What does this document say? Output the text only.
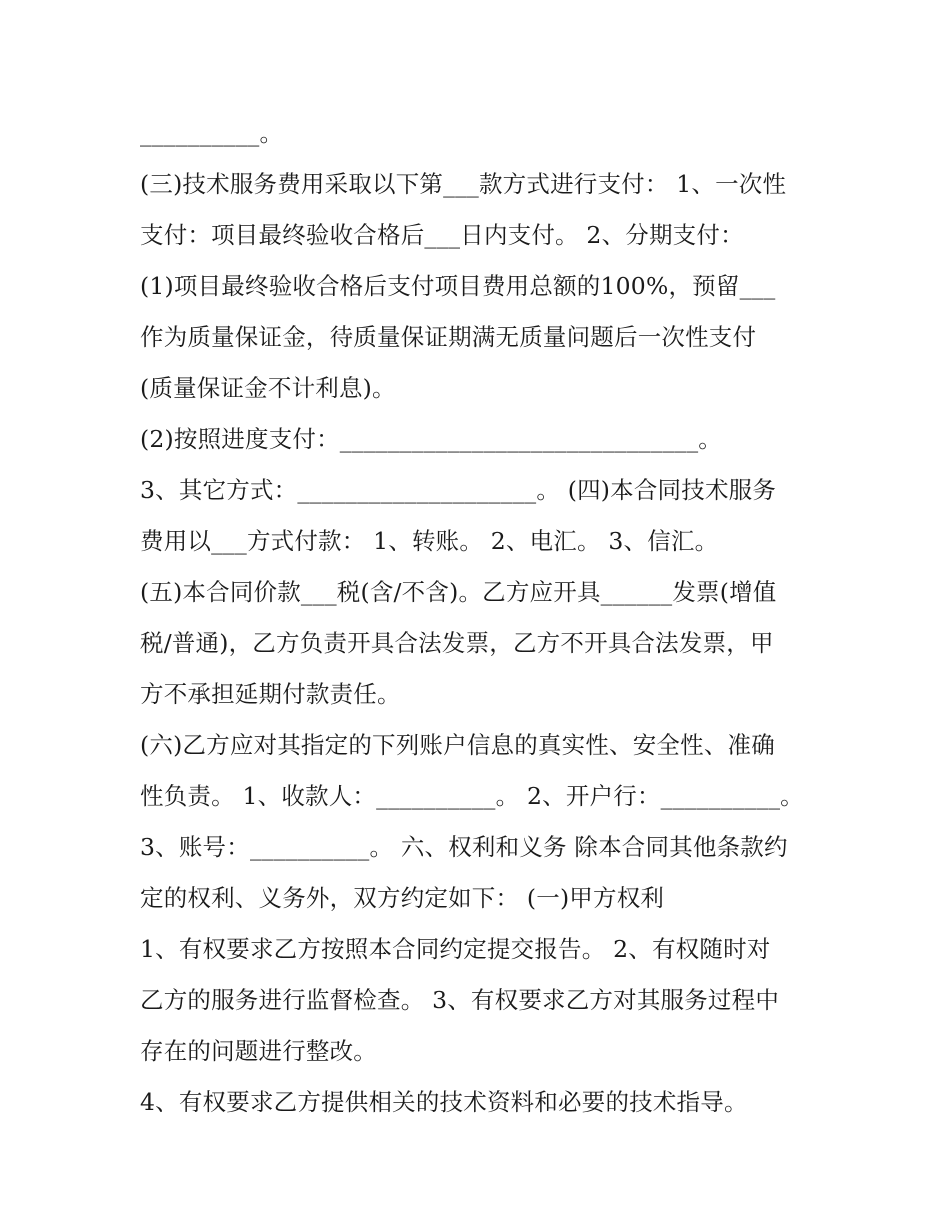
__________。
(三)技术服务费用采取以下第___款方式进行支付： 1、一次性
支付：项目最终验收合格后___日内支付。 2、分期支付：
(1)项目最终验收合格后支付项目费用总额的100%，预留___
作为质量保证金，待质量保证期满无质量问题后一次性支付
(质量保证金不计利息)。
(2)按照进度支付：______________________________。
3、其它方式：____________________。 (四)本合同技术服务
费用以___方式付款： 1、转账。 2、电汇。 3、信汇。
(五)本合同价款___税(含/不含)。乙方应开具______发票(增值
税/普通)，乙方负责开具合法发票，乙方不开具合法发票，甲
方不承担延期付款责任。
(六)乙方应对其指定的下列账户信息的真实性、安全性、准确
性负责。 1、收款人：__________。 2、开户行：__________。
3、账号：__________。 六、权利和义务 除本合同其他条款约
定的权利、义务外，双方约定如下： (一)甲方权利
1、有权要求乙方按照本合同约定提交报告。 2、有权随时对
乙方的服务进行监督检查。 3、有权要求乙方对其服务过程中
存在的问题进行整改。
4、有权要求乙方提供相关的技术资料和必要的技术指导。
